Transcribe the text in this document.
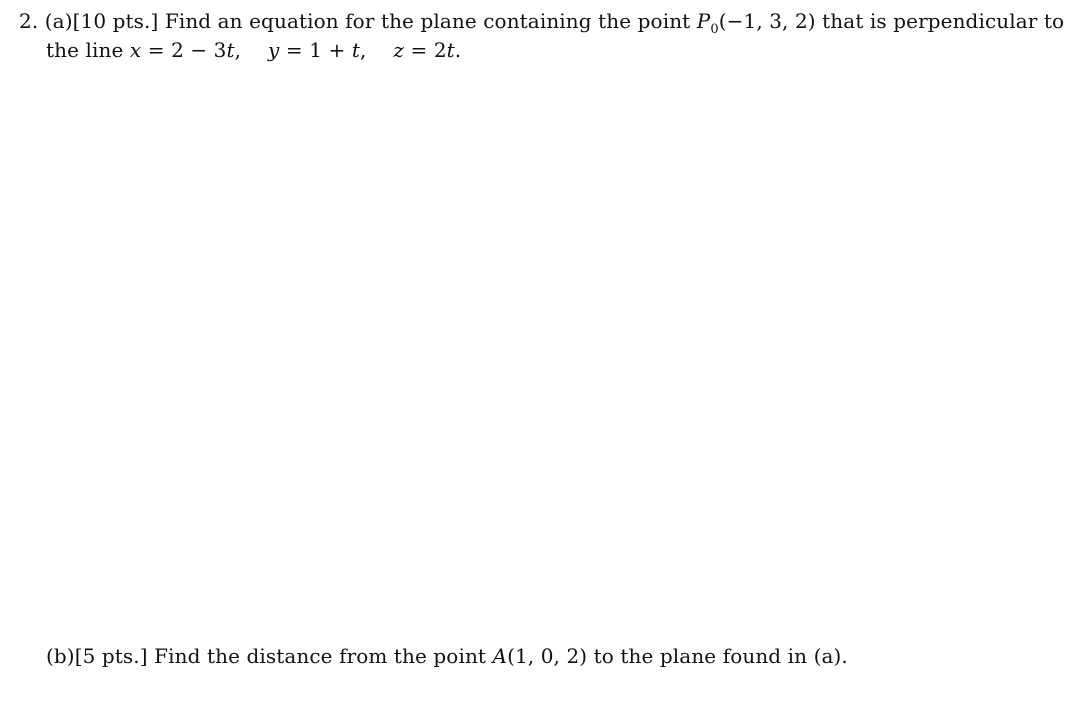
2. (a)[10 pts.] Find an equation for the plane containing the point $P_0(-1$, 3, 2) that is perpendicular to
the line x = 2 − 3t, y = 1 + t, z = 2t.
(b)[5 pts.] Find the distance from the point A(1, 0, 2) to the plane found in (a).
